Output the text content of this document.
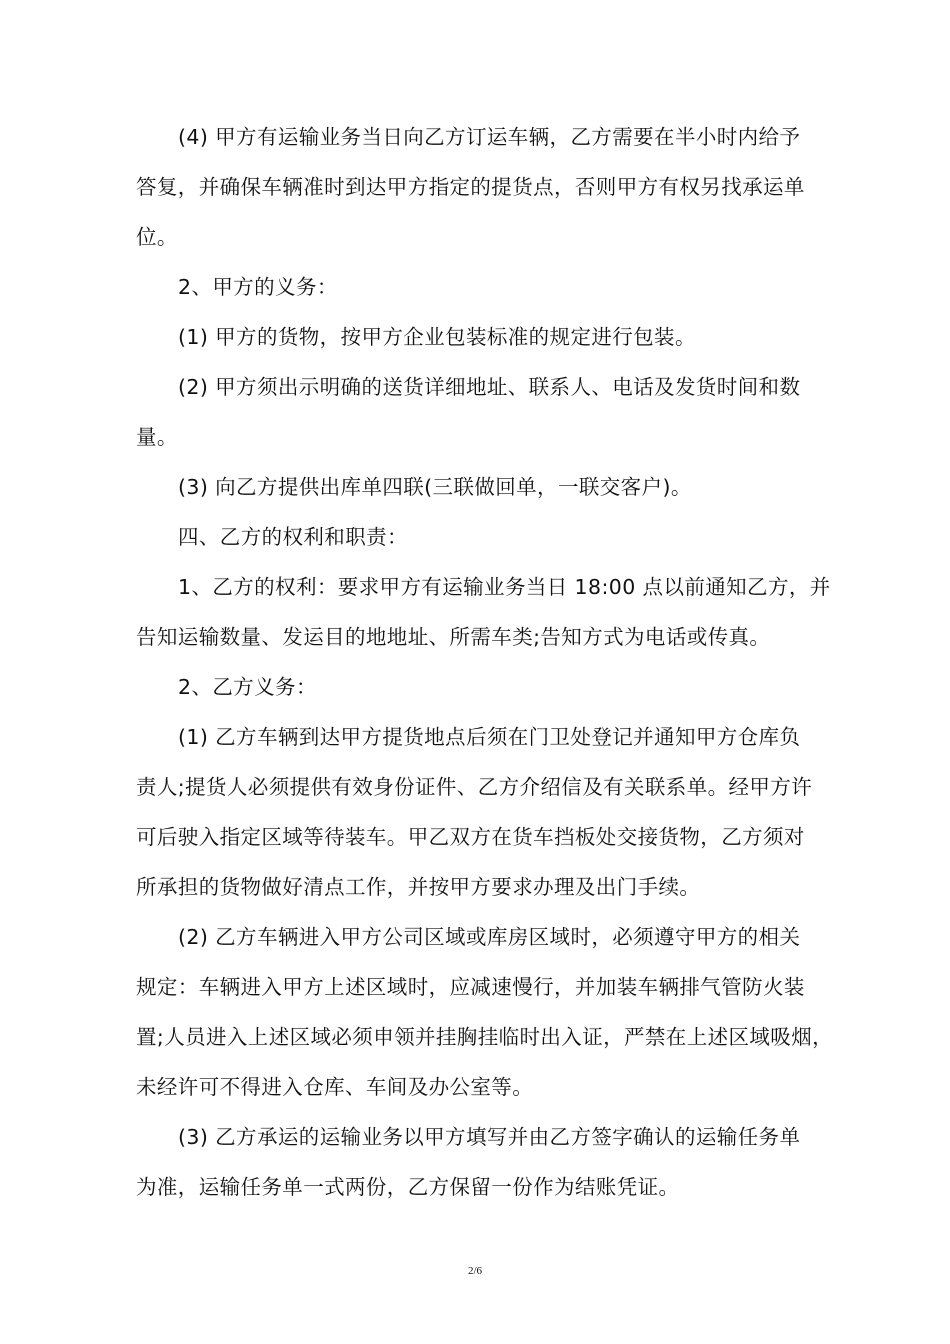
(4) 甲方有运输业务当日向乙方订运车辆，乙方需要在半小时内给予
答复，并确保车辆准时到达甲方指定的提货点，否则甲方有权另找承运单
位。
2、甲方的义务：
(1) 甲方的货物，按甲方企业包装标准的规定进行包装。
(2) 甲方须出示明确的送货详细地址、联系人、电话及发货时间和数
量。
(3) 向乙方提供出库单四联(三联做回单，一联交客户)。
四、乙方的权利和职责：
1、乙方的权利：要求甲方有运输业务当日 18:00 点以前通知乙方，并
告知运输数量、发运目的地地址、所需车类;告知方式为电话或传真。
2、乙方义务：
(1) 乙方车辆到达甲方提货地点后须在门卫处登记并通知甲方仓库负
责人;提货人必须提供有效身份证件、乙方介绍信及有关联系单。经甲方许
可后驶入指定区域等待装车。甲乙双方在货车挡板处交接货物，乙方须对
所承担的货物做好清点工作，并按甲方要求办理及出门手续。
(2) 乙方车辆进入甲方公司区域或库房区域时，必须遵守甲方的相关
规定：车辆进入甲方上述区域时，应减速慢行，并加装车辆排气管防火装
置;人员进入上述区域必须申领并挂胸挂临时出入证，严禁在上述区域吸烟，
未经许可不得进入仓库、车间及办公室等。
(3) 乙方承运的运输业务以甲方填写并由乙方签字确认的运输任务单
为准，运输任务单一式两份，乙方保留一份作为结账凭证。
2/6
